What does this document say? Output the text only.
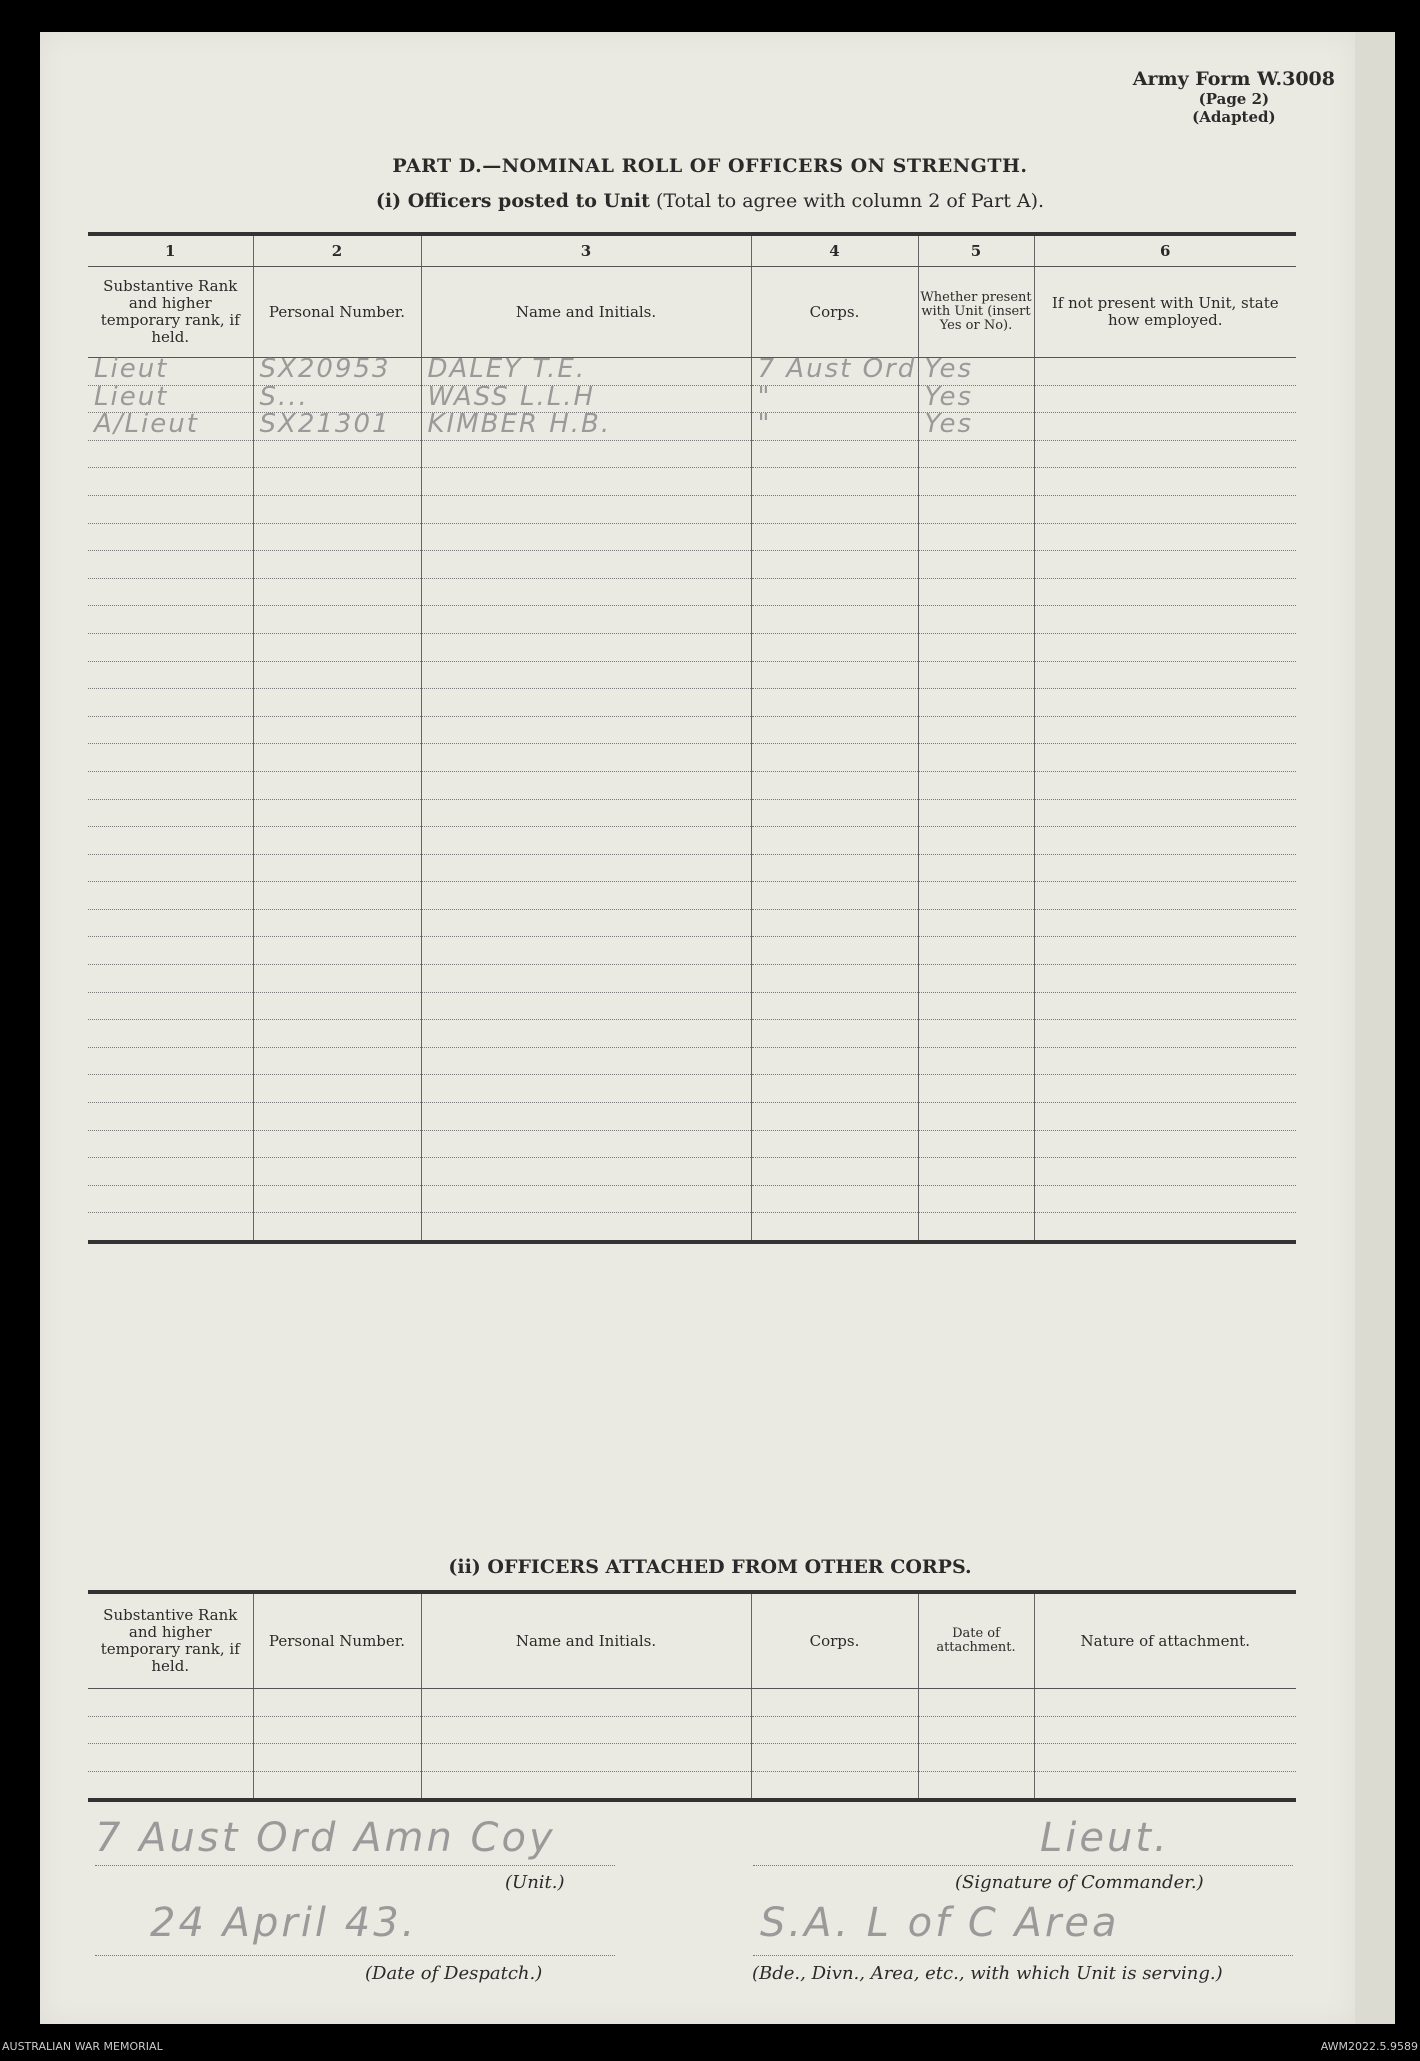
Army Form W.3008
(Page 2)
(Adapted)
PART D.—NOMINAL ROLL OF OFFICERS ON STRENGTH.
(i) Officers posted to Unit (Total to agree with column 2 of Part A).
1	2	3	4	5	6
Substantive Rank and higher temporary rank, if held.	Personal Number.	Name and Initials.	Corps.	Whether present with Unit (insert Yes or No).	If not present with Unit, state how employed.

Lieut	SX20953	DALEY T.E.	7 Aust Ord	Yes	

Lieut	S...	WASS L.L.H	"	Yes	

A/Lieut	SX21301	KIMBER H.B.	"	Yes	

(ii) OFFICERS ATTACHED FROM OTHER CORPS.
Substantive Rank and higher temporary rank, if held.	Personal Number.	Name and Initials.	Corps.	Date of attachment.	Nature of attachment.

7 Aust Ord Amn Coy
(Unit.)
Lieut.
(Signature of Commander.)
24 April 43.
(Date of Despatch.)
S.A. L of C Area
(Bde., Divn., Area, etc., with which Unit is serving.)
AUSTRALIAN WAR MEMORIAL	AWM2022.5.9589
